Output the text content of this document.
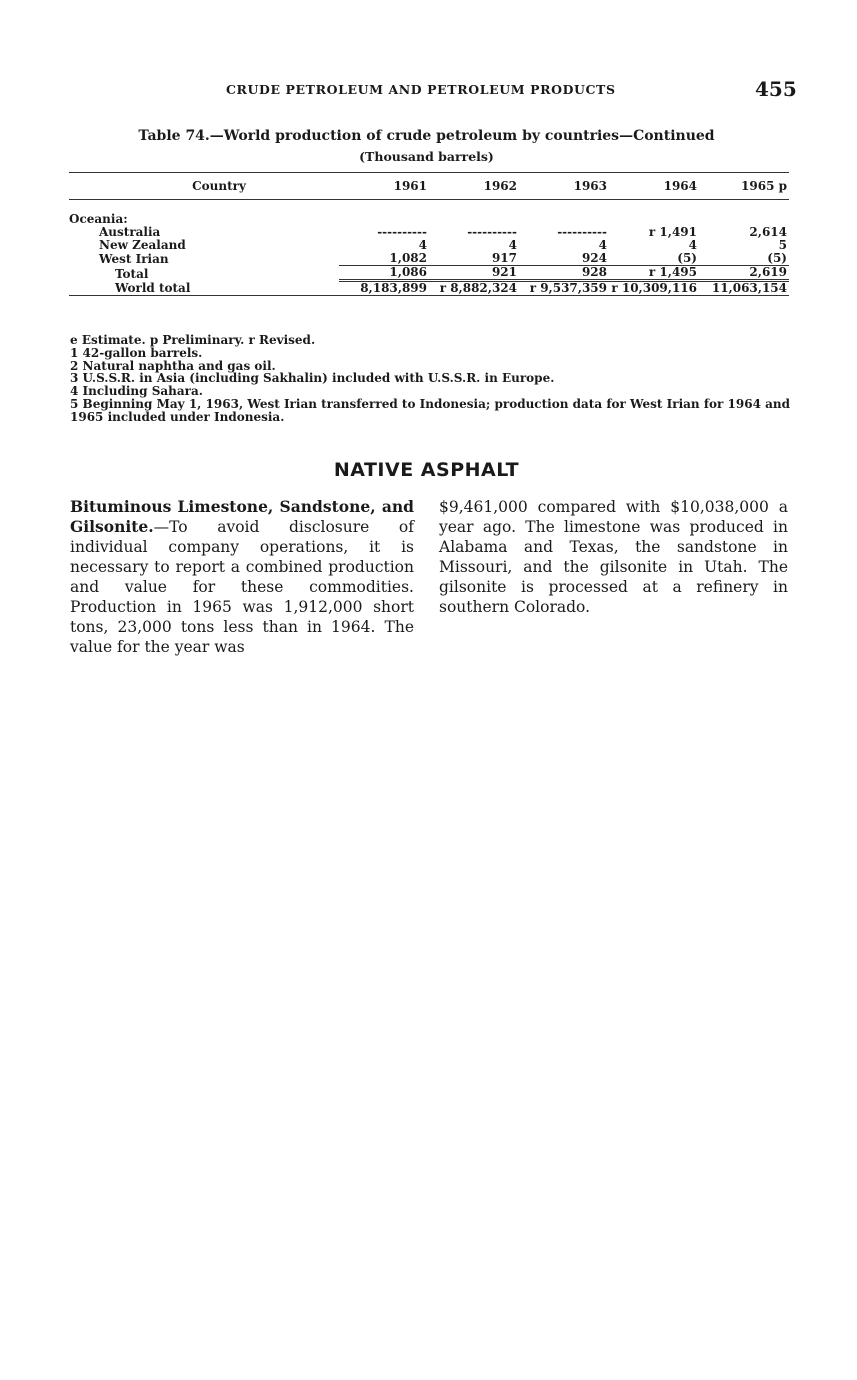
CRUDE PETROLEUM AND PETROLEUM PRODUCTS	455
Table 74.—World production of crude petroleum by countries—Continued
(Thousand barrels)
Country	1961	1962	1963	1964	1965 p

Oceania:					
Australia	----------	----------	----------	r 1,491	2,614
New Zealand	4	4	4	4	5
West Irian	1,082	917	924	(5)	(5)
Total	1,086	921	928	r 1,495	2,619
World total	8,183,899	r 8,882,324	r 9,537,359	r 10,309,116	11,063,154
e Estimate. p Preliminary. r Revised.
1 42-gallon barrels.
2 Natural naphtha and gas oil.
3 U.S.S.R. in Asia (including Sakhalin) included with U.S.S.R. in Europe.
4 Including Sahara.
5 Beginning May 1, 1963, West Irian transferred to Indonesia; production data for West Irian for 1964 and 1965 included under Indonesia.
NATIVE ASPHALT
Bituminous Limestone, Sandstone, and Gilsonite.—To avoid disclosure of individual company operations, it is necessary to report a combined production and value for these commodities. Production in 1965 was 1,912,000 short tons, 23,000 tons less than in 1964. The value for the year was
$9,461,000 compared with $10,038,000 a year ago. The limestone was produced in Alabama and Texas, the sandstone in Missouri, and the gilsonite in Utah. The gilsonite is processed at a refinery in southern Colorado.
